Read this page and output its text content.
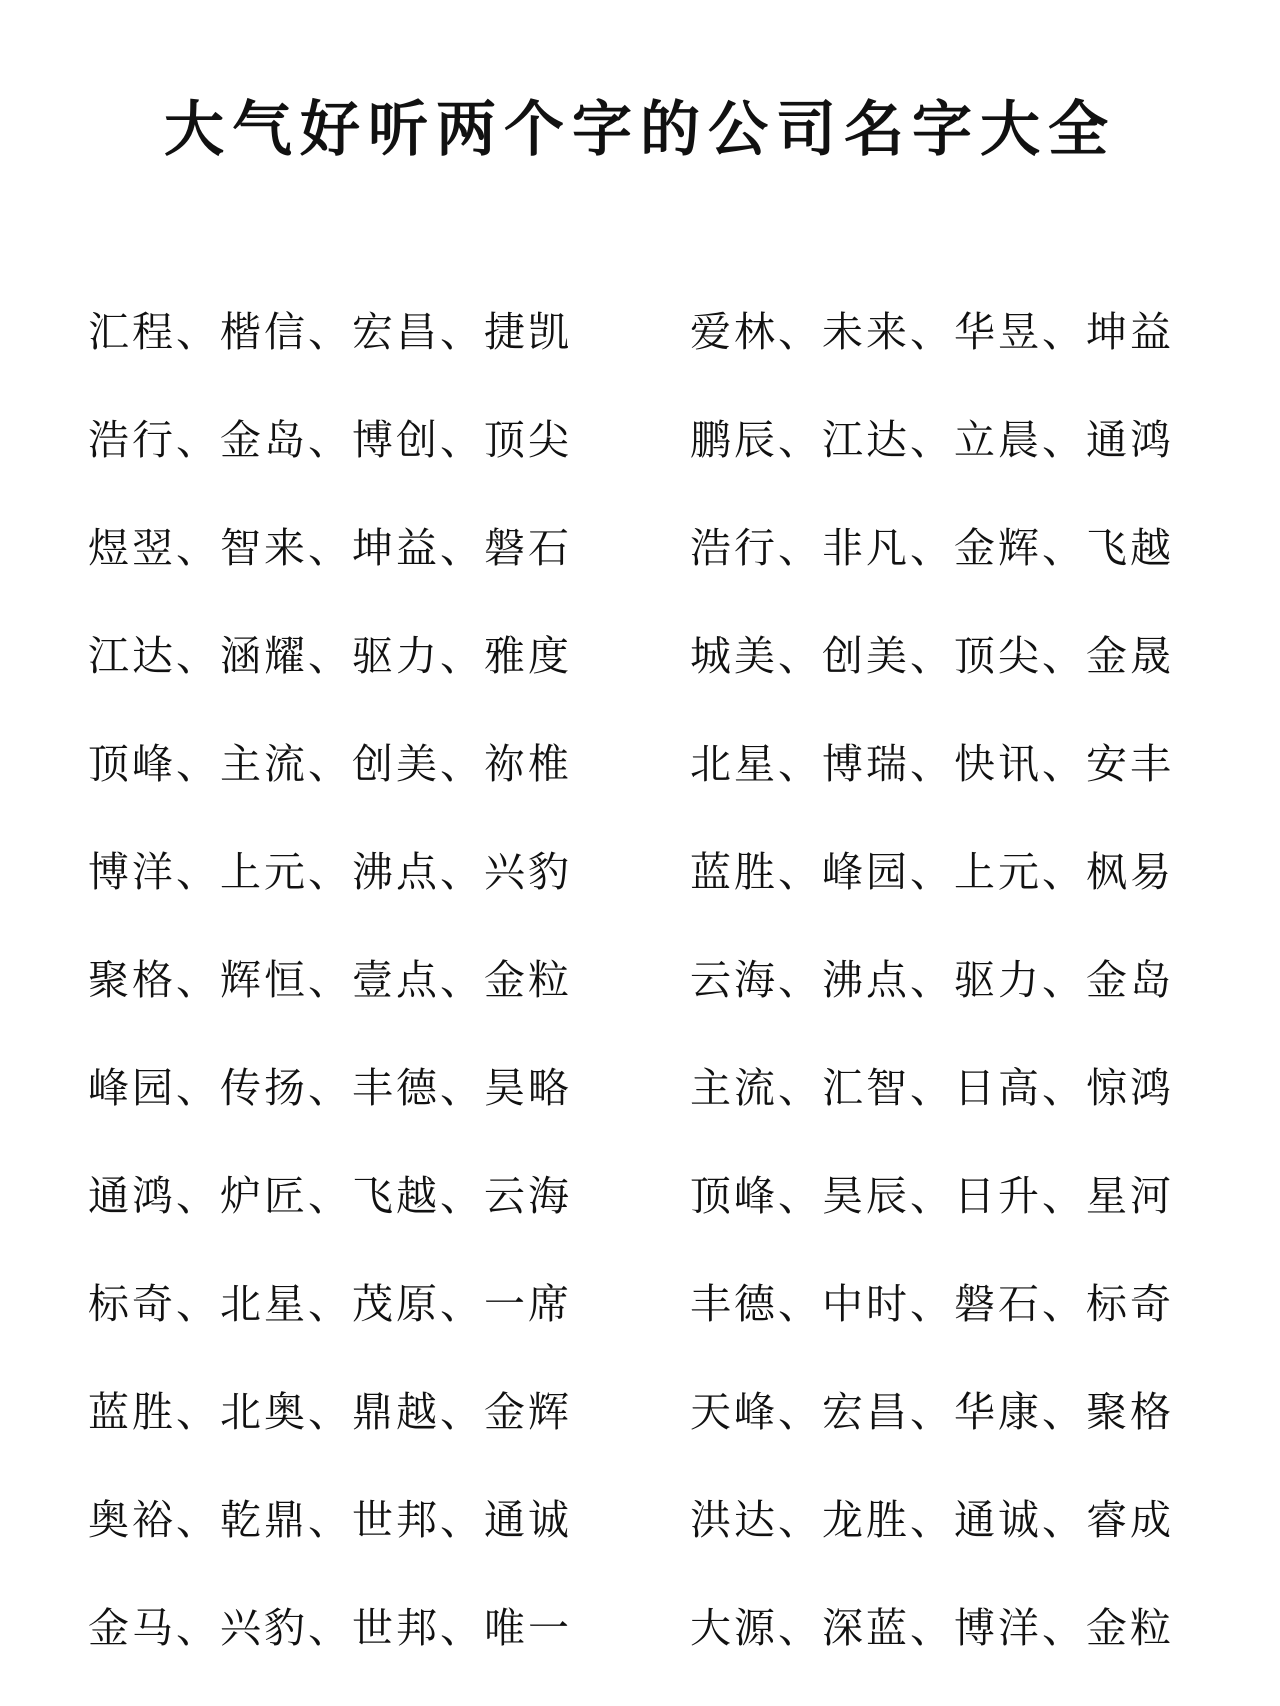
大气好听两个字的公司名字大全
汇程、楷信、宏昌、捷凯	爱林、未来、华昱、坤益
浩行、金岛、博创、顶尖	鹏辰、江达、立晨、通鸿
煜翌、智来、坤益、磐石	浩行、非凡、金辉、飞越
江达、涵耀、驱力、雅度	城美、创美、顶尖、金晟
顶峰、主流、创美、祢椎	北星、博瑞、快讯、安丰
博洋、上元、沸点、兴豹	蓝胜、峰园、上元、枫易
聚格、辉恒、壹点、金粒	云海、沸点、驱力、金岛
峰园、传扬、丰德、昊略	主流、汇智、日高、惊鸿
通鸿、炉匠、飞越、云海	顶峰、昊辰、日升、星河
标奇、北星、茂原、一席	丰德、中时、磐石、标奇
蓝胜、北奥、鼎越、金辉	天峰、宏昌、华康、聚格
奥裕、乾鼎、世邦、通诚	洪达、龙胜、通诚、睿成
金马、兴豹、世邦、唯一	大源、深蓝、博洋、金粒
